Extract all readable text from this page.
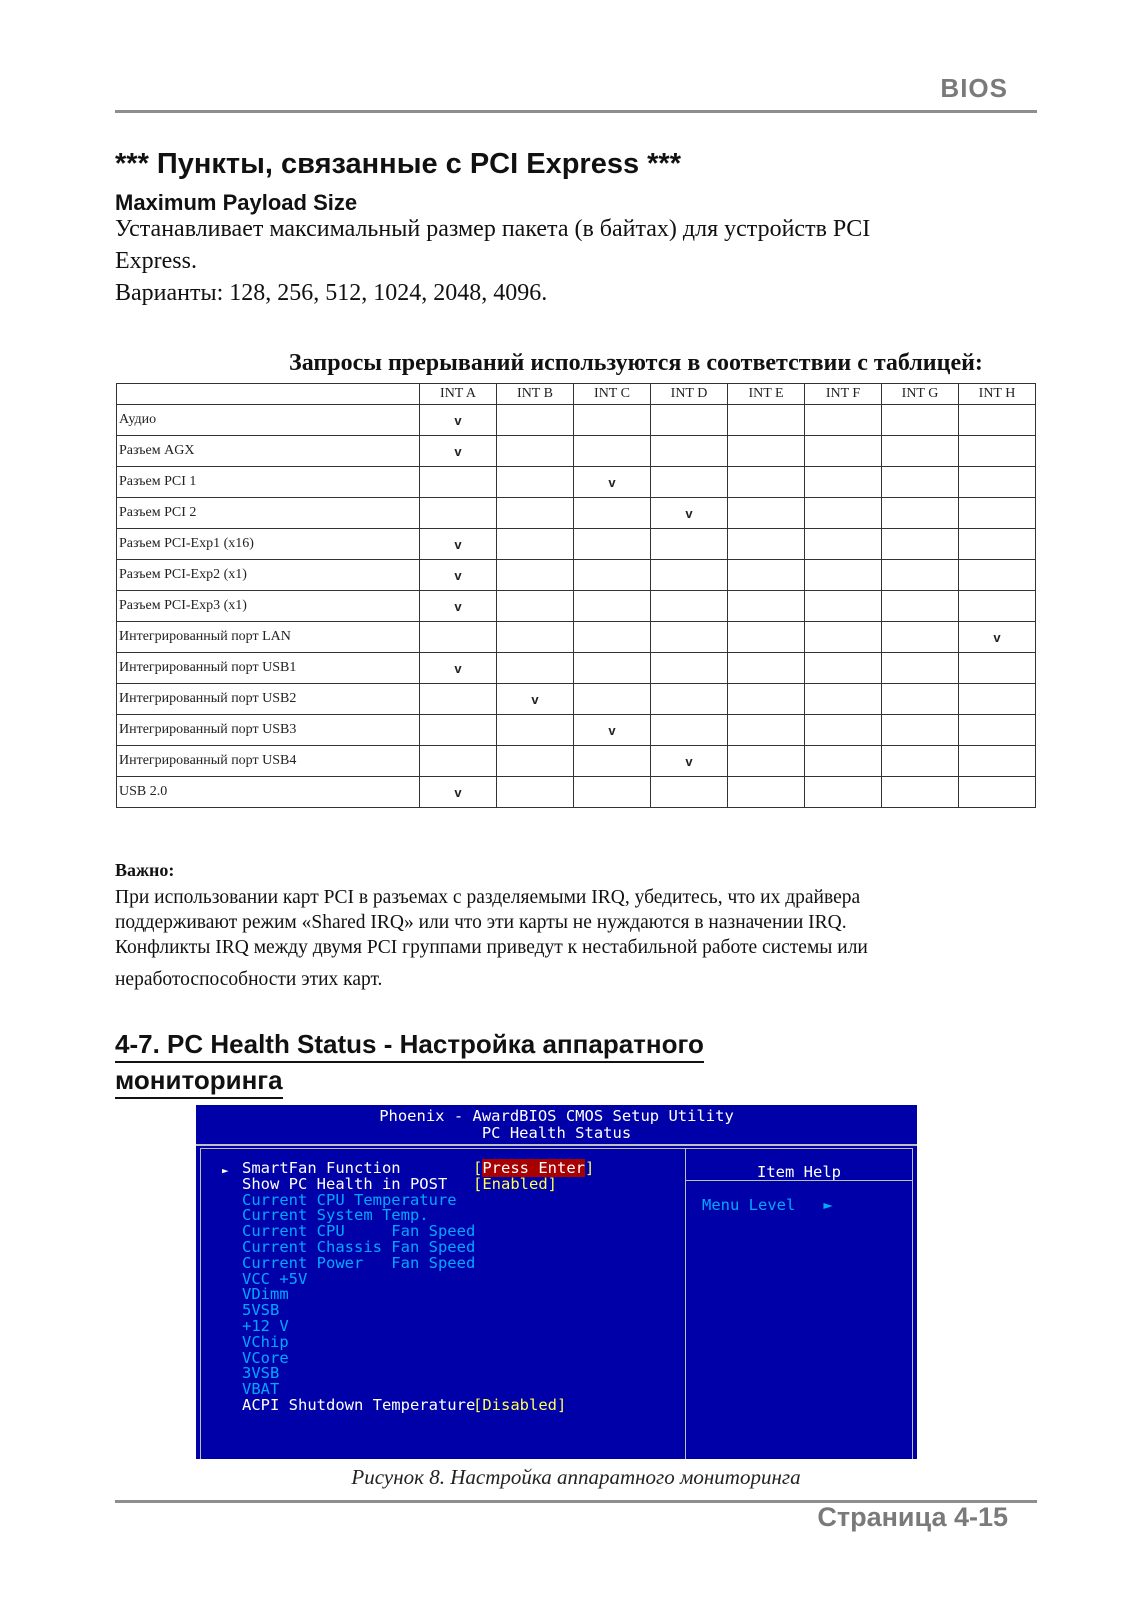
BIOS
*** Пункты, связанные с PCI Express ***
Maximum Payload Size
Устанавливает максимальный размер пакета (в байтах) для устройств PCI
Express.
Варианты: 128, 256, 512, 1024, 2048, 4096.
Запросы прерываний используются в соответствии с таблицей:
	INT A	INT B	INT C	INT D	INT E	INT F	INT G	INT H
Аудио	v							
Разъем AGX	v							
Разъем PCI 1			v					
Разъем PCI 2				v				
Разъем PCI-Exp1 (x16)	v							
Разъем PCI-Exp2 (x1)	v							
Разъем PCI-Exp3 (x1)	v							
Интегрированный порт LAN								v
Интегрированный порт USB1	v							
Интегрированный порт USB2		v						
Интегрированный порт USB3			v					
Интегрированный порт USB4				v				
USB 2.0	v							
Важно:
При использовании карт PCI в разъемах с разделяемыми IRQ, убедитесь, что их драйвера
поддерживают режим «Shared IRQ» или что эти карты не нуждаются в назначении IRQ.
Конфликты IRQ между двумя PCI группами приведут к нестабильной работе системы или
неработоспособности этих карт.
4-7. PC Health Status - Настройка аппаратного
мониторинга
Phoenix - AwardBIOS CMOS Setup Utility
PC Health Status
► SmartFan Function	[Press Enter]
Show PC Health in POST [Enabled]
Current CPU Temperature
Current System Temp.
Current CPU     Fan Speed
Current Chassis Fan Speed
Current Power   Fan Speed
VCC +5V
VDimm
5VSB
+12 V
VChip
VCore
3VSB
VBAT
ACPI Shutdown Temperature
[Disabled]
Item Help
Menu Level   ►
Рисунок 8. Настройка аппаратного мониторинга
Страница 4-15
